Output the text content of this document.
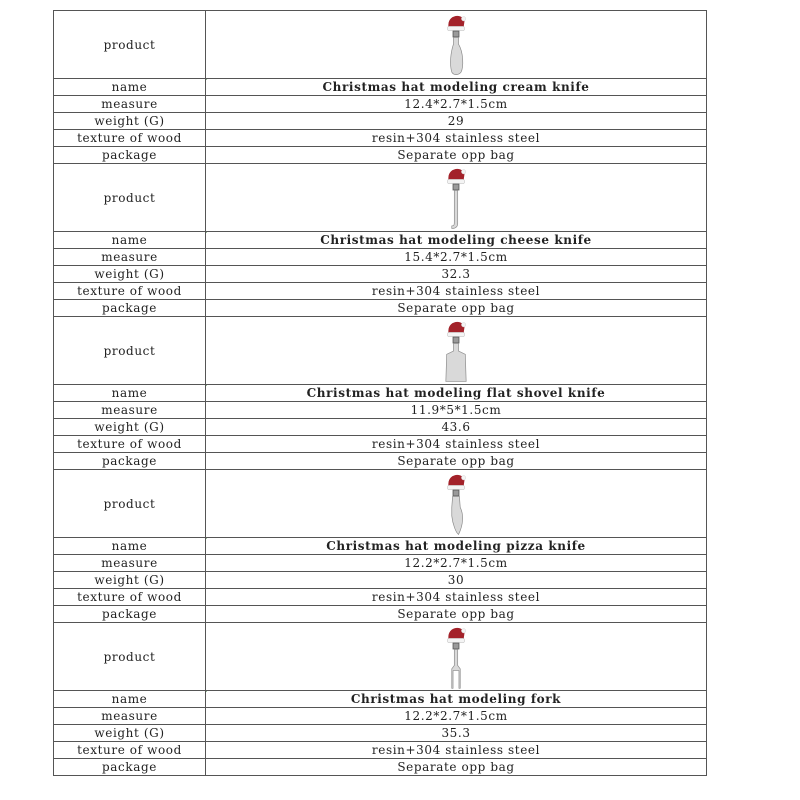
product	

name	Christmas hat modeling cream knife
measure	12.4*2.7*1.5cm
weight (G)	29
texture of wood	resin+304 stainless steel
package	Separate opp bag
product	

name	Christmas hat modeling cheese knife
measure	15.4*2.7*1.5cm
weight (G)	32.3
texture of wood	resin+304 stainless steel
package	Separate opp bag
product	

name	Christmas hat modeling flat shovel knife
measure	11.9*5*1.5cm
weight (G)	43.6
texture of wood	resin+304 stainless steel
package	Separate opp bag
product	

name	Christmas hat modeling pizza knife
measure	12.2*2.7*1.5cm
weight (G)	30
texture of wood	resin+304 stainless steel
package	Separate opp bag
product	

name	Christmas hat modeling fork
measure	12.2*2.7*1.5cm
weight (G)	35.3
texture of wood	resin+304 stainless steel
package	Separate opp bag
